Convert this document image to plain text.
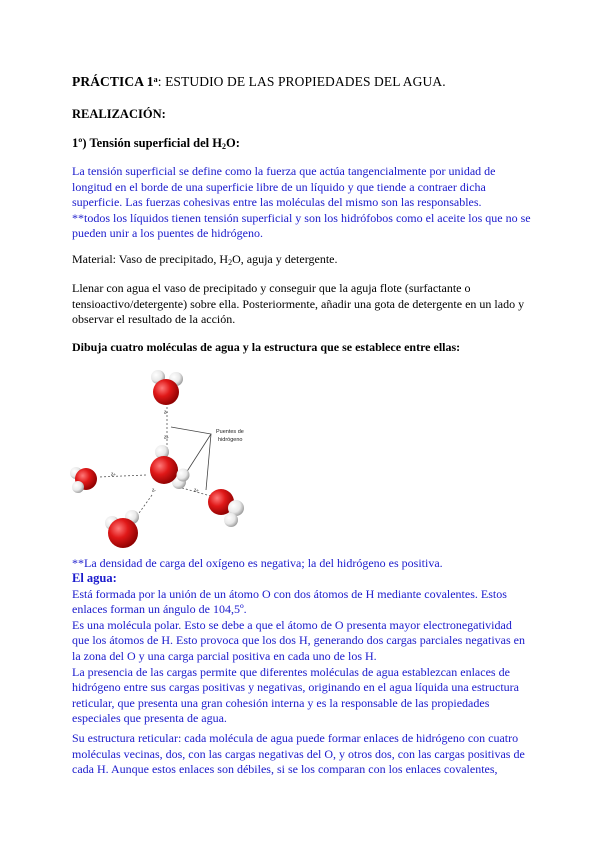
PRÁCTICA 1$^a$: ESTUDIO DE LAS PROPIEDADES DEL AGUA.
REALIZACIÓN:
1º) Tensión superficial del $H_2O$:
La tensión superficial se define como la fuerza que actúa tangencialmente por unidad de longitud en el borde de una superficie libre de un líquido y que tiende a contraer dicha superficie. Las fuerzas cohesivas entre las moléculas del mismo son las responsables.
**todos los líquidos tienen tensión superficial y son los hidrófobos como el aceite los que no se pueden unir a los puentes de hidrógeno.
Material: Vaso de precipitado, $H_2O$, aguja y detergente.
Llenar con agua el vaso de precipitado y conseguir que la aguja flote (surfactante o tensioactivo/detergente) sobre ella. Posteriormente, añadir una gota de detergente en un lado y observar el resultado de la acción.
Dibuja cuatro moléculas de agua y la estructura que se establece entre ellas:
Puentes de
hidrógeno
δ-
δ+
δ+
δ-	δ+
**La densidad de carga del oxígeno es negativa; la del hidrógeno es positiva.
El agua:
Está formada por la unión de un átomo O con dos átomos de H mediante covalentes. Estos enlaces forman un ángulo de 104,5º.
Es una molécula polar. Esto se debe a que el átomo de O presenta mayor electronegatividad que los átomos de H. Esto provoca que los dos H, generando dos cargas parciales negativas en la zona del O y una carga parcial positiva en cada uno de los H.
La presencia de las cargas permite que diferentes moléculas de agua establezcan enlaces de hidrógeno entre sus cargas positivas y negativas, originando en el agua líquida una estructura reticular, que presenta una gran cohesión interna y es la responsable de las propiedades especiales que presenta de agua.
Su estructura reticular: cada molécula de agua puede formar enlaces de hidrógeno con cuatro moléculas vecinas, dos, con las cargas negativas del O, y otros dos, con las cargas positivas de cada H. Aunque estos enlaces son débiles, si se los comparan con los enlaces covalentes,
